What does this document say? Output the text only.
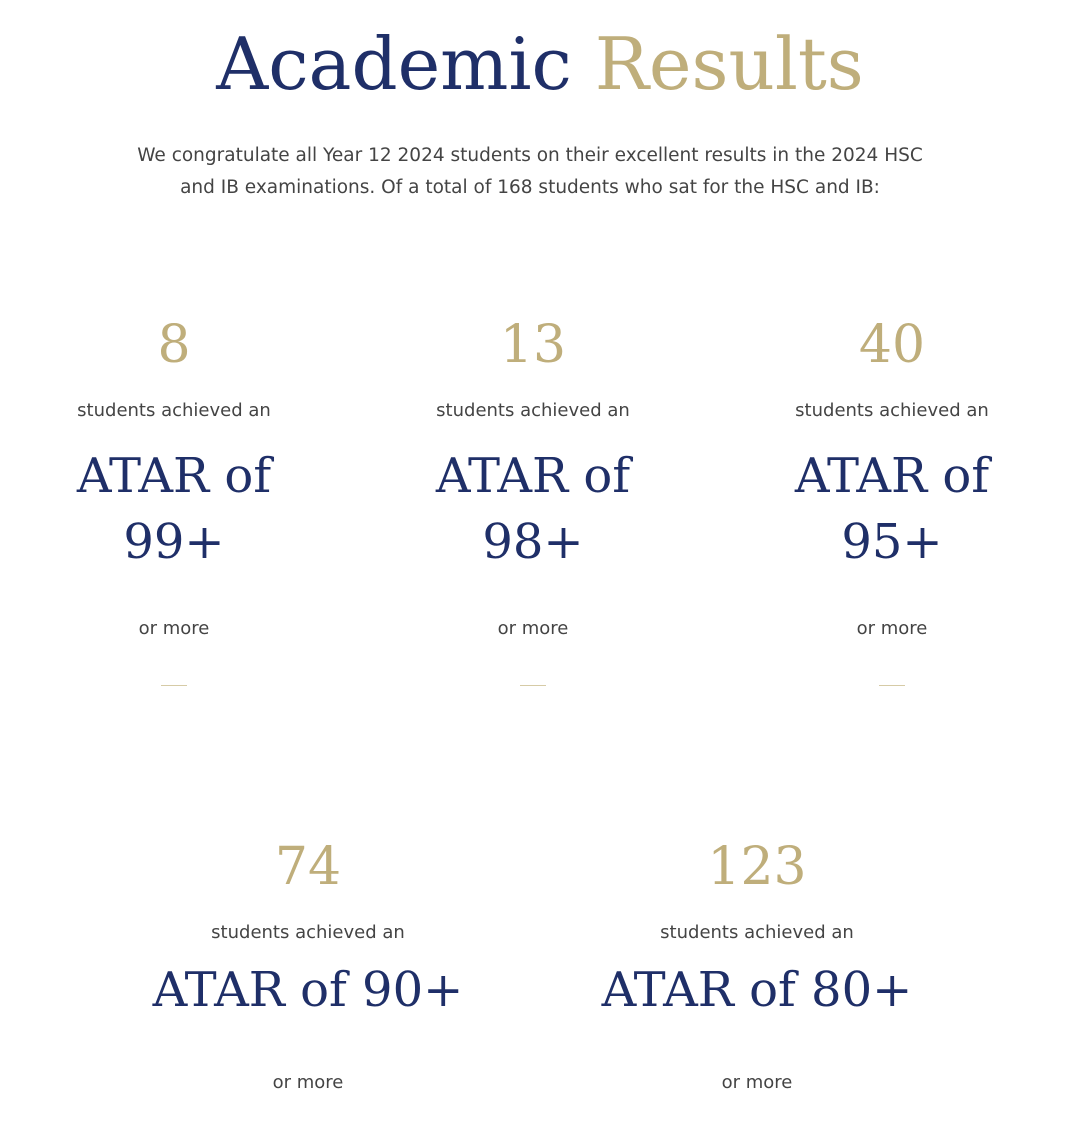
Academic Results

We congratulate all Year 12 2024 students on their excellent results in the 2024 HSC and IB examinations. Of a total of 168 students who sat for the HSC and IB:

8
students achieved an
ATAR of 99+
or more
13
students achieved an
ATAR of 98+
or more
40
students achieved an
ATAR of 95+
or more
74
students achieved an
ATAR of 90+
or more
123
students achieved an
ATAR of 80+
or more
